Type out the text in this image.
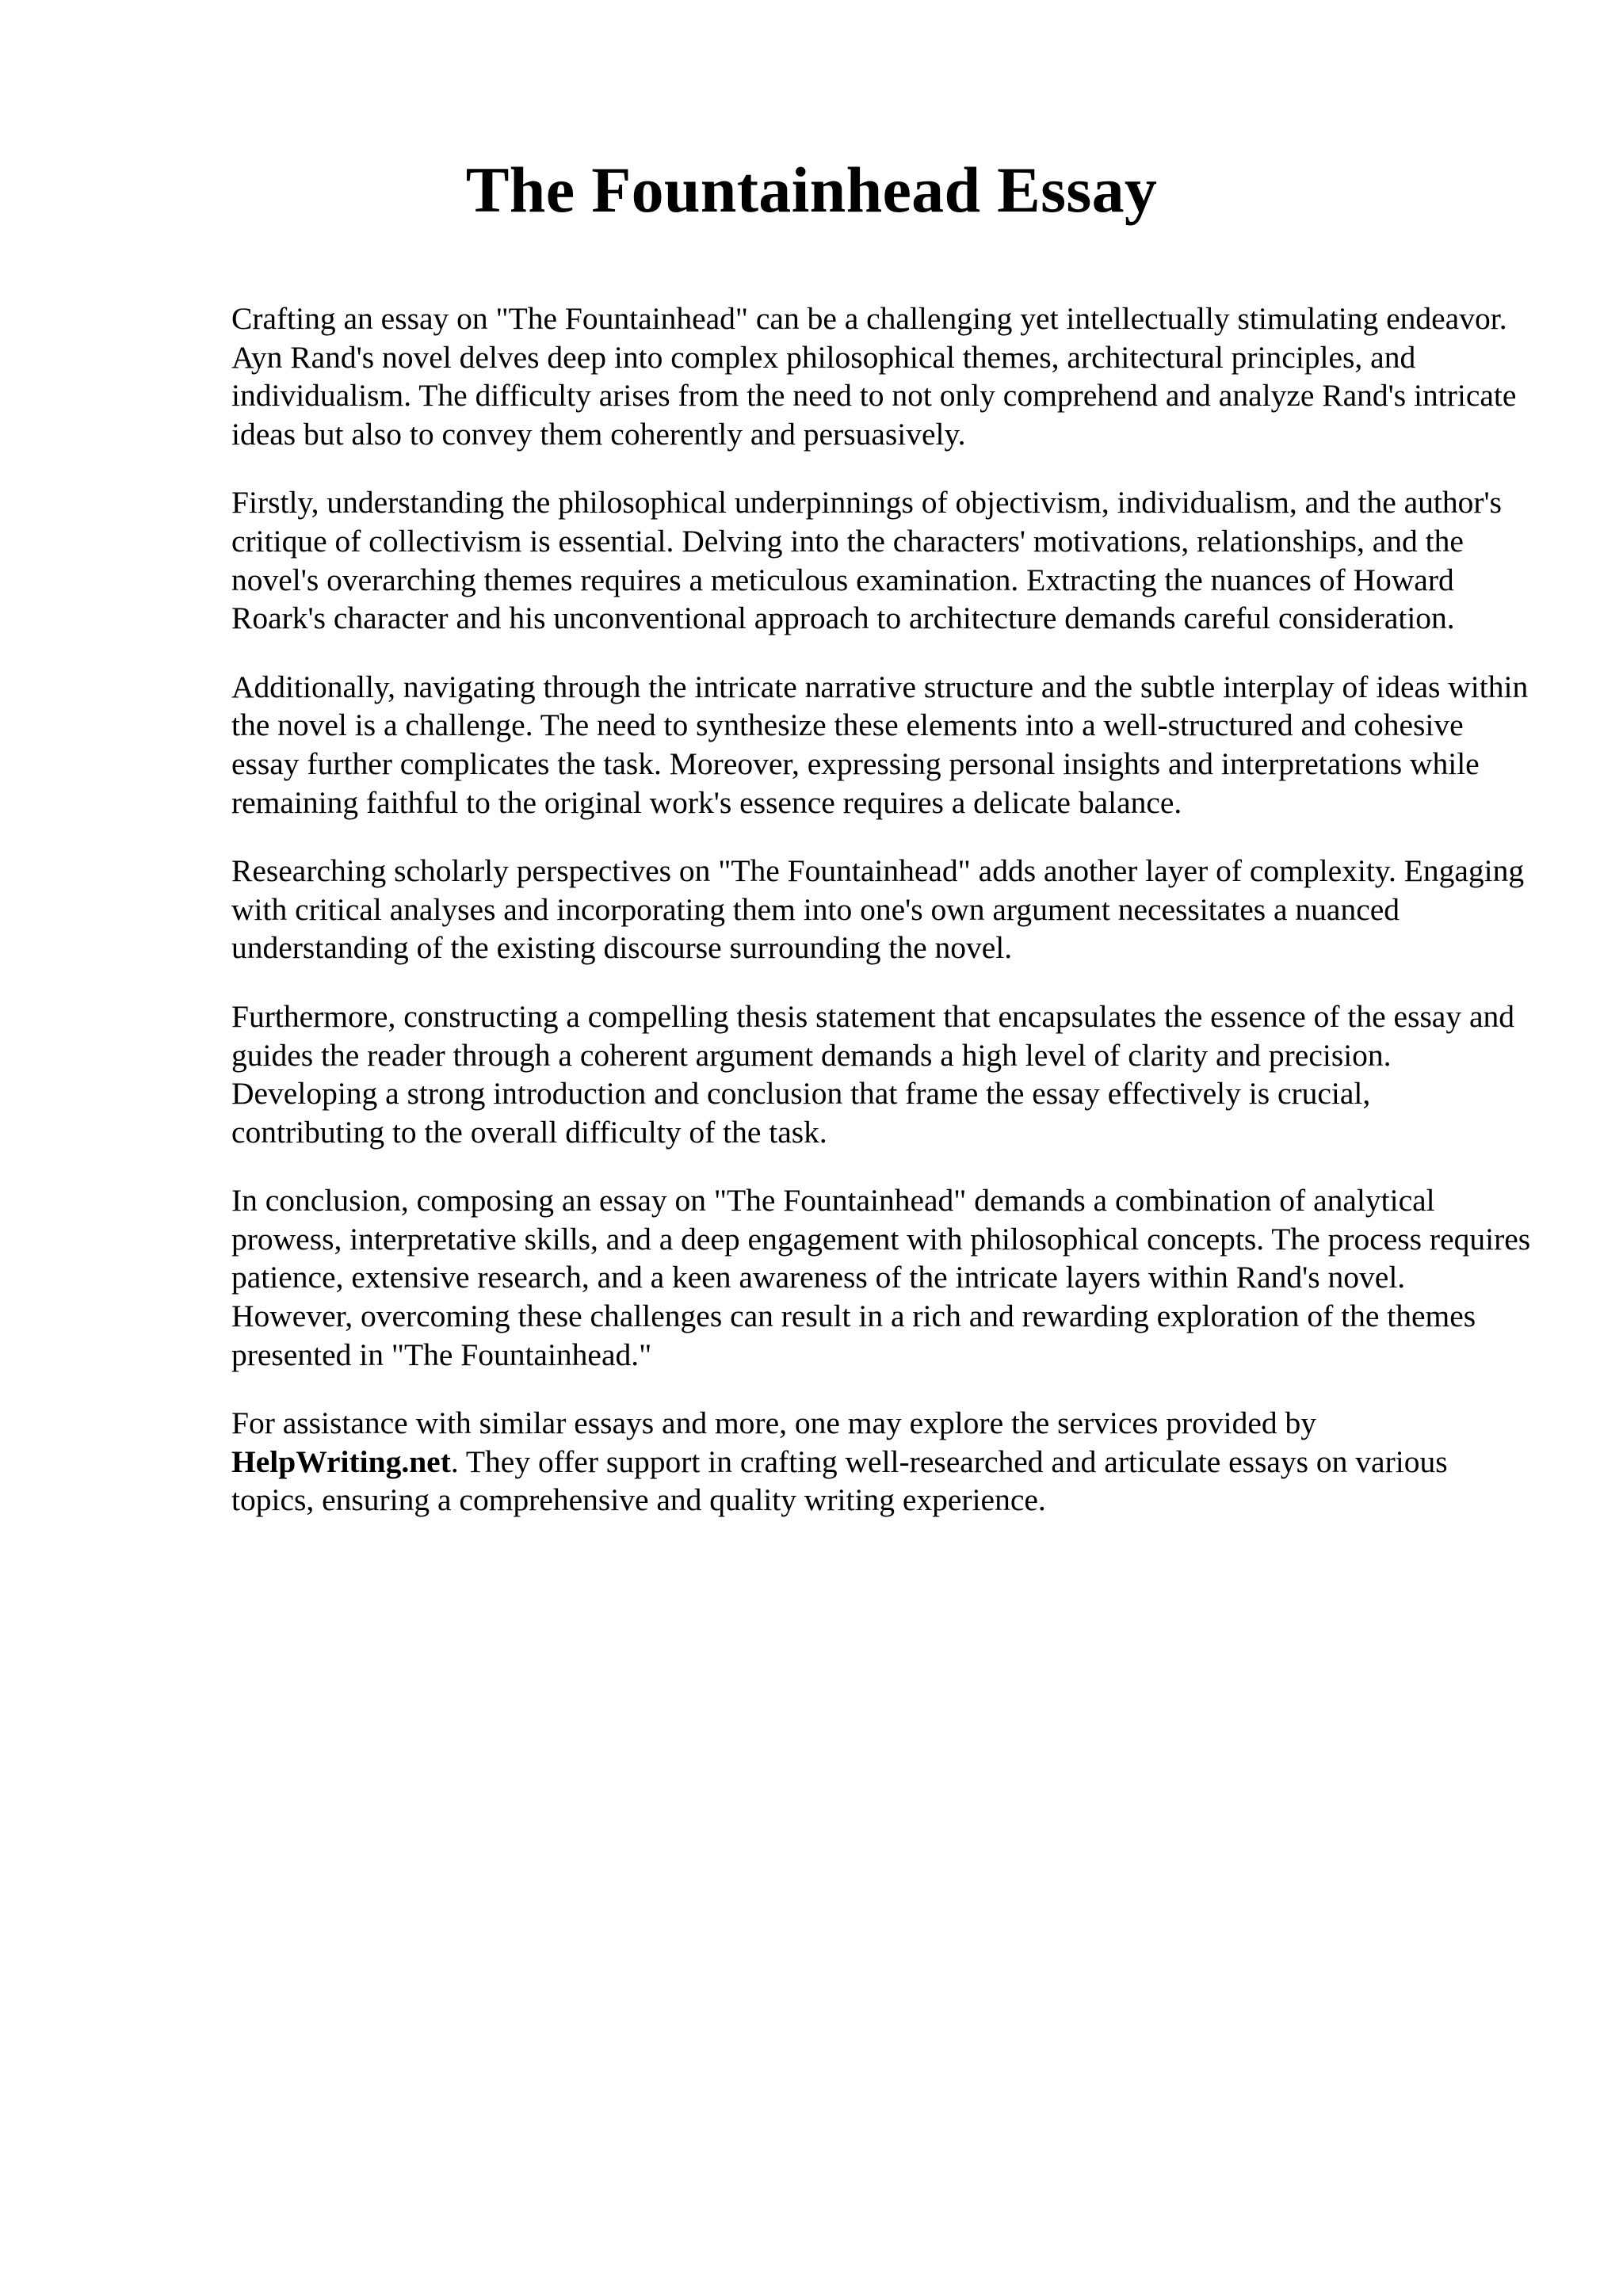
The Fountainhead Essay

Crafting an essay on "The Fountainhead" can be a challenging yet intellectually stimulating endeavor. Ayn Rand's novel delves deep into complex philosophical themes, architectural principles, and individualism. The difficulty arises from the need to not only comprehend and analyze Rand's intricate ideas but also to convey them coherently and persuasively.

Firstly, understanding the philosophical underpinnings of objectivism, individualism, and the author's critique of collectivism is essential. Delving into the characters' motivations, relationships, and the novel's overarching themes requires a meticulous examination. Extracting the nuances of Howard Roark's character and his unconventional approach to architecture demands careful consideration.

Additionally, navigating through the intricate narrative structure and the subtle interplay of ideas within the novel is a challenge. The need to synthesize these elements into a well-structured and cohesive essay further complicates the task. Moreover, expressing personal insights and interpretations while remaining faithful to the original work's essence requires a delicate balance.

Researching scholarly perspectives on "The Fountainhead" adds another layer of complexity. Engaging with critical analyses and incorporating them into one's own argument necessitates a nuanced understanding of the existing discourse surrounding the novel.

Furthermore, constructing a compelling thesis statement that encapsulates the essence of the essay and guides the reader through a coherent argument demands a high level of clarity and precision. Developing a strong introduction and conclusion that frame the essay effectively is crucial, contributing to the overall difficulty of the task.

In conclusion, composing an essay on "The Fountainhead" demands a combination of analytical prowess, interpretative skills, and a deep engagement with philosophical concepts. The process requires patience, extensive research, and a keen awareness of the intricate layers within Rand's novel. However, overcoming these challenges can result in a rich and rewarding exploration of the themes presented in "The Fountainhead."

For assistance with similar essays and more, one may explore the services provided by HelpWriting.net. They offer support in crafting well-researched and articulate essays on various topics, ensuring a comprehensive and quality writing experience.
